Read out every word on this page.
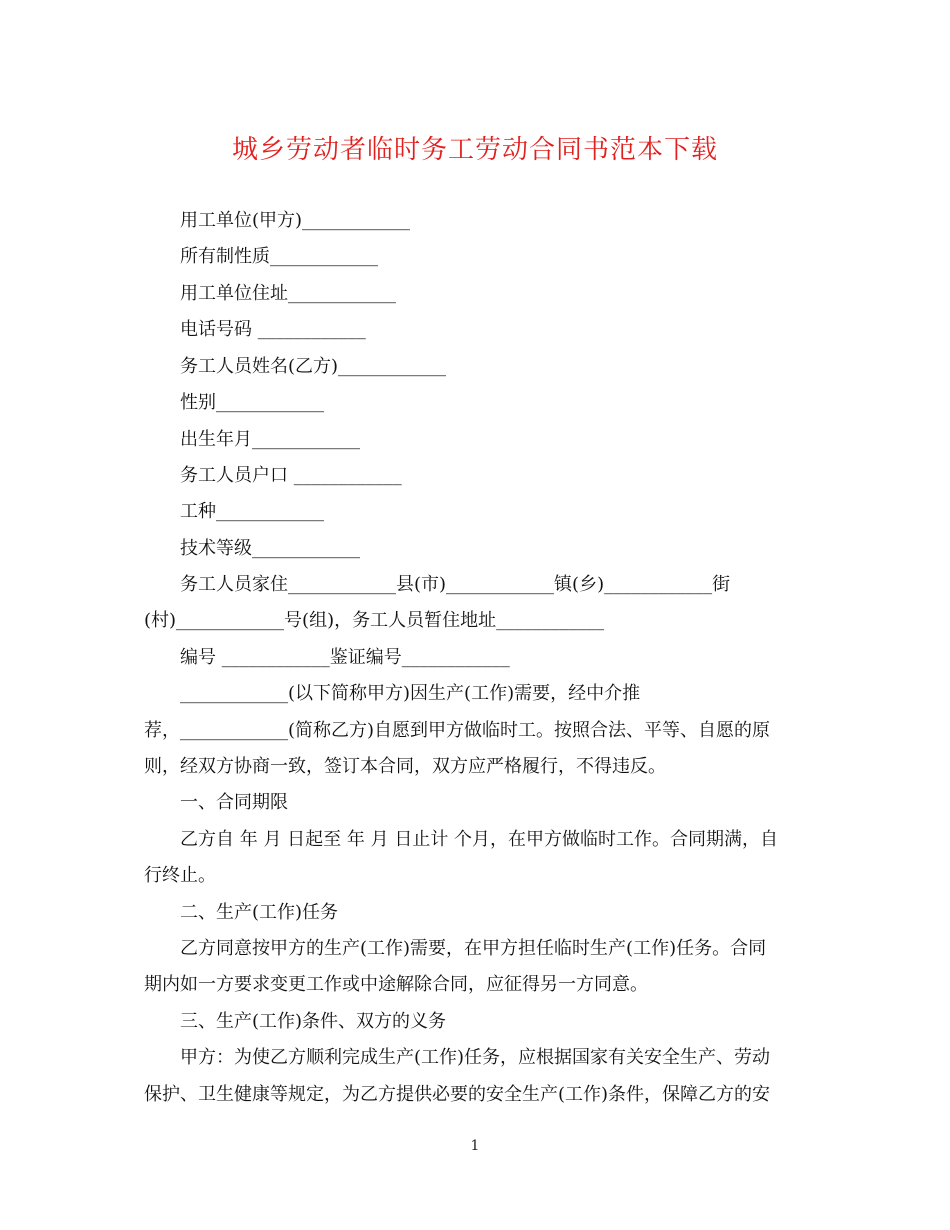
城乡劳动者临时务工劳动合同书范本下载
用工单位(甲方)____________
所有制性质____________
用工单位住址____________
电话号码 ____________
务工人员姓名(乙方)____________
性别____________
出生年月____________
务工人员户口 ____________
工种____________
技术等级____________
务工人员家住____________县(市)____________镇(乡)____________街
(村)____________号(组)，务工人员暂住地址____________
编号 ____________鉴证编号____________
____________(以下简称甲方)因生产(工作)需要，经中介推
荐，____________(简称乙方)自愿到甲方做临时工。按照合法、平等、自愿的原
则，经双方协商一致，签订本合同，双方应严格履行，不得违反。
一、合同期限
乙方自 年 月 日起至 年 月 日止计 个月，在甲方做临时工作。合同期满，自
行终止。
二、生产(工作)任务
乙方同意按甲方的生产(工作)需要，在甲方担任临时生产(工作)任务。合同
期内如一方要求变更工作或中途解除合同，应征得另一方同意。
三、生产(工作)条件、双方的义务
甲方：为使乙方顺利完成生产(工作)任务，应根据国家有关安全生产、劳动
保护、卫生健康等规定，为乙方提供必要的安全生产(工作)条件，保障乙方的安
1
